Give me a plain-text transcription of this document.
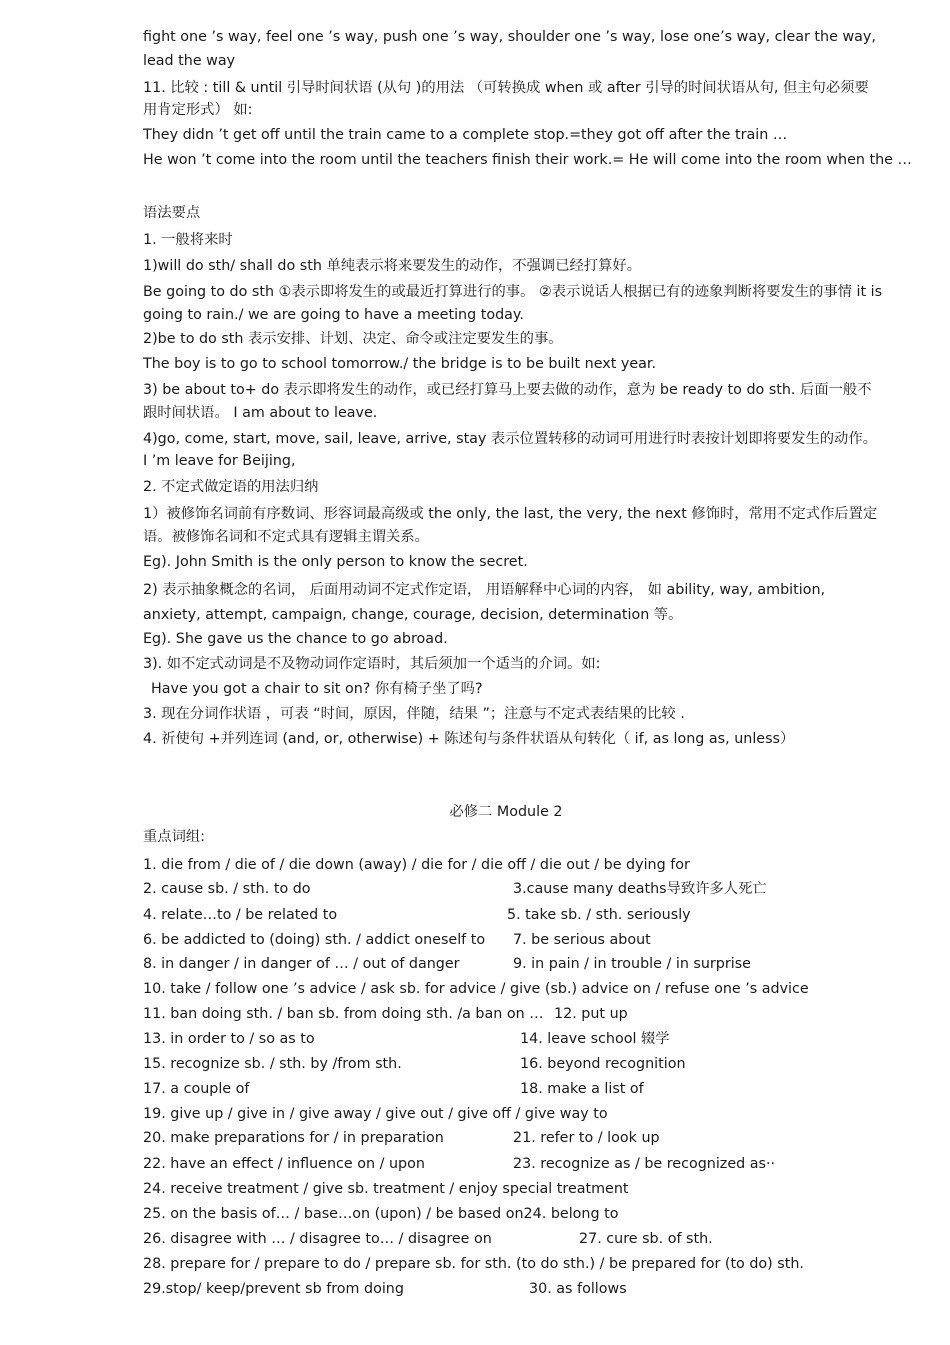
fight one ’s way, feel one ’s way, push one ’s way, shoulder one ’s way, lose one’s way, clear the way, lead the way

11. 比较 : till & until 引导时间状语 (从句 )的用法 （可转换成 when 或 after 引导的时间状语从句, 但主句必须要用肯定形式） 如:

They didn ’t get off until the train came to a complete stop.=they got off after the train …

He won ’t come into the room until the teachers finish their work.= He will come into the room when the …

语法要点

1. 一般将来时

1)will do sth/ shall do sth 单纯表示将来要发生的动作，不强调已经打算好。

Be going to do sth ①表示即将发生的或最近打算进行的事。 ②表示说话人根据已有的迹象判断将要发生的事情 it is going to rain./ we are going to have a meeting today.

2)be to do sth 表示安排、计划、决定、命令或注定要发生的事。

The boy is to go to school tomorrow./ the bridge is to be built next year.

3) be about to+ do 表示即将发生的动作，或已经打算马上要去做的动作，意为 be ready to do sth. 后面一般不跟时间状语。 I am about to leave.

4)go, come, start, move, sail, leave, arrive, stay 表示位置转移的动词可用进行时表按计划即将要发生的动作。 I ’m leave for Beijing,

2. 不定式做定语的用法归纳

1）被修饰名词前有序数词、形容词最高级或 the only, the last, the very, the next 修饰时，常用不定式作后置定语。被修饰名词和不定式具有逻辑主谓关系。

Eg). John Smith is the only person to know the secret.

2) 表示抽象概念的名词， 后面用动词不定式作定语， 用语解释中心词的内容， 如 ability, way, ambition, anxiety, attempt, campaign, change, courage, decision, determination 等。

Eg). She gave us the chance to go abroad.

3). 如不定式动词是不及物动词作定语时，其后须加一个适当的介词。如:

Have you got a chair to sit on? 你有椅子坐了吗?

3. 现在分词作状语 ，可表 “时间，原因，伴随，结果 ”；注意与不定式表结果的比较 .

4. 祈使句 +并列连词 (and, or, otherwise) + 陈述句与条件状语从句转化（ if, as long as, unless）

必修二 Module 2

重点词组:

1. die from / die of / die down (away) / die for / die off / die out / be dying for

2. cause sb. / sth. to do	3.cause many deaths导致许多人死亡
4. relate…to / be related to	5. take sb. / sth. seriously
6. be addicted to (doing) sth. / addict oneself to	7. be serious about
8. in danger / in danger of … / out of danger	9. in pain / in trouble / in surprise

10. take / follow one ’s advice / ask sb. for advice / give (sb.) advice on / refuse one ’s advice

11. ban doing sth. / ban sb. from doing sth. /a ban on … 12. put up
13. in order to / so as to	14. leave school 辍学
15. recognize sb. / sth. by /from sth.	16. beyond recognition
17. a couple of	18. make a list of

19. give up / give in / give away / give out / give off / give way to

20. make preparations for / in preparation	21. refer to / look up
22. have an effect / influence on / upon	23. recognize as / be recognized as··

24. receive treatment / give sb. treatment / enjoy special treatment

25. on the basis of… / base…on (upon) / be based on24. belong to

26. disagree with … / disagree to… / disagree on	27. cure sb. of sth.

28. prepare for / prepare to do / prepare sb. for sth. (to do sth.) / be prepared for (to do) sth.

29.stop/ keep/prevent sb from doing	30. as follows
